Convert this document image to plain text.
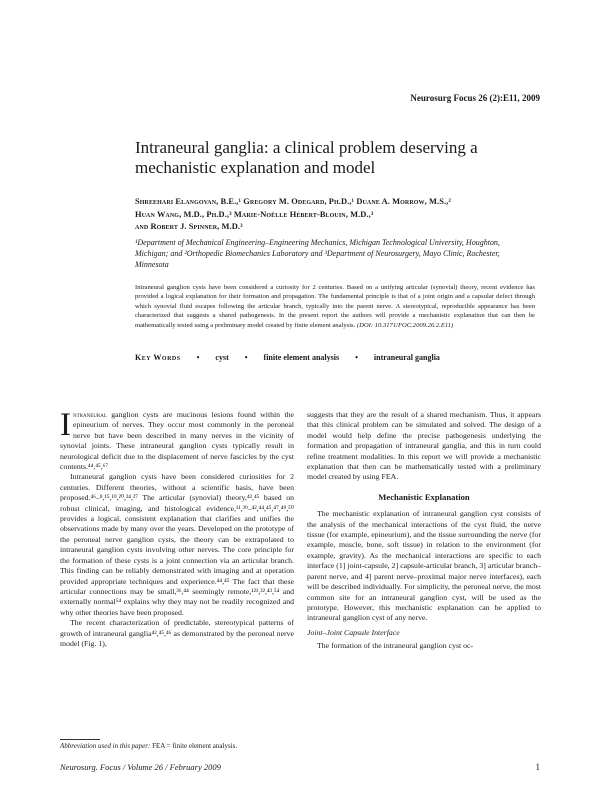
Neurosurg Focus 26 (2):E11, 2009
Intraneural ganglia: a clinical problem deserving a mechanistic explanation and model
Shreehari Elangovan, B.E.,¹ Gregory M. Odegard, Ph.D.,¹ Duane A. Morrow, M.S.,²
Huan Wang, M.D., Ph.D.,³ Marie-Noëlle Hébert-Blouin, M.D.,³
and Robert J. Spinner, M.D.³
¹Department of Mechanical Engineering–Engineering Mechanics, Michigan Technological University, Houghton, Michigan; and ²Orthopedic Biomechanics Laboratory and ³Department of Neurosurgery, Mayo Clinic, Rochester, Minnesota
Intraneural ganglion cysts have been considered a curiosity for 2 centuries. Based on a unifying articular (synovial) theory, recent evidence has provided a logical explanation for their formation and propagation. The fundamental principle is that of a joint origin and a capsular defect through which synovial fluid escapes following the articular branch, typically into the parent nerve. A stereotypical, reproducible appearance has been characterized that suggests a shared pathogenesis. In the present report the authors will provide a mechanistic explanation that can then be mathematically tested using a preliminary model created by finite element analysis. (DOI: 10.3171/FOC.2009.26.2.E11)
Key Words • cyst • finite element analysis • intraneural ganglia

Intraneural ganglion cysts are mucinous lesions found within the epineurium of nerves. They occur most commonly in the peroneal nerve but have been described in many nerves in the vicinity of synovial joints. These intraneural ganglion cysts typically result in neurological deficit due to the displacement of nerve fascicles by the cyst contents.⁴⁴,⁴⁵,⁶⁷

Intraneural ganglion cysts have been considered curiosities for 2 centuries. Different theories, without a scientific basis, have been proposed.⁴⁶–⁸,¹⁵,¹⁹,²⁰,²⁴,²⁷ The articular (synovial) theory,⁴²,⁴⁵ based on robust clinical, imaging, and histological evidence,¹¹,³⁹–⁴²,⁴⁴,⁴⁵,⁴⁷,⁴⁹,⁵⁰ provides a logical, consistent explanation that clarifies and unifies the observations made by many over the years. Developed on the prototype of the peroneal nerve ganglion cysts, the theory can be extrapolated to intraneural ganglion cysts involving other nerves. The core principle for the formation of these cysts is a joint connection via an articular branch. This finding can be reliably demonstrated with imaging and at operation provided appropriate techniques and experience.⁴⁴,⁴⁵ The fact that these articular connections may be small,³⁶,⁴⁴ seemingly remote,¹²¹,³²,⁴³,⁵⁴ and externally normal⁵⁴ explains why they may not be readily recognized and why other theories have been proposed.

The recent characterization of predictable, stereotypical patterns of growth of intraneural ganglia⁴²,⁴⁵,⁴⁶ as demonstrated by the peroneal nerve model (Fig. 1),

suggests that they are the result of a shared mechanism. Thus, it appears that this clinical problem can be simulated and solved. The design of a model would help define the precise pathogenesis underlying the formation and propagation of intraneural ganglia, and this in turn could refine treatment modalities. In this report we will provide a mechanistic explanation that then can be mathematically tested with a preliminary model created by using FEA.

Mechanistic Explanation

The mechanistic explanation of intraneural ganglion cyst consists of the analysis of the mechanical interactions of the cyst fluid, the nerve tissue (for example, epineurium), and the tissue surrounding the nerve (for example, muscle, bone, soft tissue) in relation to the environment (for example, gravity). As the mechanical interactions are specific to each interface (1] joint-capsule, 2] capsule-articular branch, 3] articular branch–parent nerve, and 4] parent nerve–proximal major nerve interfaces), each will be described individually. For simplicity, the peroneal nerve, the most common site for an intraneural ganglion cyst, will be used as the prototype. However, this mechanistic explanation can be applied to intraneural ganglion cyst of any nerve.

Joint–Joint Capsule Interface

The formation of the intraneural ganglion cyst oc-

Abbreviation used in this paper: FEA = finite element analysis.
Neurosurg. Focus / Volume 26 / February 2009	1
